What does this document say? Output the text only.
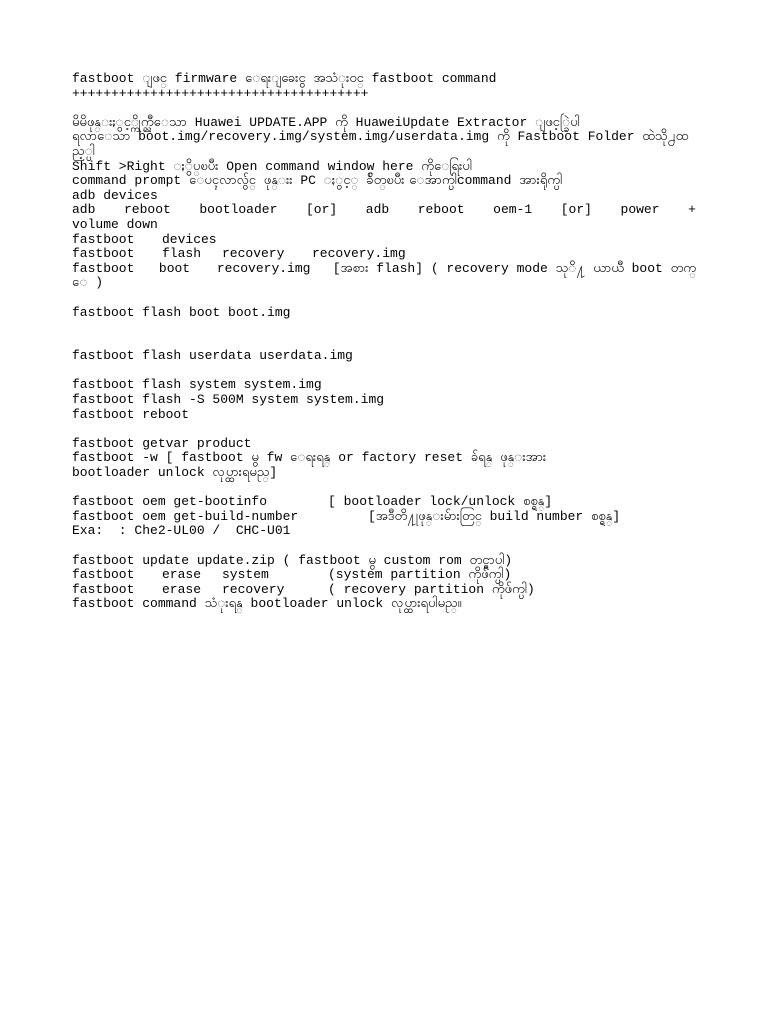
fastboot ျဖင္ firmware ေရးျခေးငွ အသံုးဝင္ fastboot command
++++++++++++++++++++++++++++++++++++++
မိမိဖုန္းႏွင့္ကိုက္ညီေသာ Huawei UPDATE.APP ကို HuaweiUpdate Extractor ျဖင့္ခြဲပါ
ရလာေသာ boot.img/recovery.img/system.img/userdata.img ကို Fastboot Folder ထဲသို႕ထည့္ပါ
Shift >Right ႏွိပ္ၿပီး Open command window here ကိုေရြးပါ
command prompt ေပၚလာလွ်င္ ဖုန္းး PC ႏွင့္ ခ်ိတ္ၿပီး ေအာက္ပါcommand အားရိုက္ပါ
adb devices
adb reboot bootloader [or] adb reboot oem-1 [or] power +
volume down
fastboot	devices
fastboot	flash	recovery	recovery.img
fastboot	boot	recovery.img	[အစား flash] ( recovery mode သုိ႔ ယာယီ boot တက္
ေ )
fastboot flash boot boot.img
fastboot flash userdata userdata.img
fastboot flash system system.img
fastboot flash -S 500M system system.img
fastboot reboot
fastboot getvar product
fastboot -w [ fastboot မွ fw ေရးရန္ or factory reset ခ်ရန္ ဖုန္းအား
bootloader unlock လုပ္ထားရမည္]
fastboot oem get-bootinfo	[ bootloader lock/unlock စစ္ရန္]
fastboot oem get-build-number	[အဒီတိ႔ုဖုန္းမ်ားတြင္ build number စစ္ရန္]
Exa:  : Che2-UL00 /  CHC-U01
fastboot update update.zip ( fastboot မွ custom rom တင္ရာပါ)
fastboot	erase	system	(system partition ကိုဖ်က္ပါ)
fastboot	erase	recovery	( recovery partition ကိုဖ်က္ပါ)
fastboot command သံုးရန္ bootloader unlock လုပ္ထားရပါမည္။
